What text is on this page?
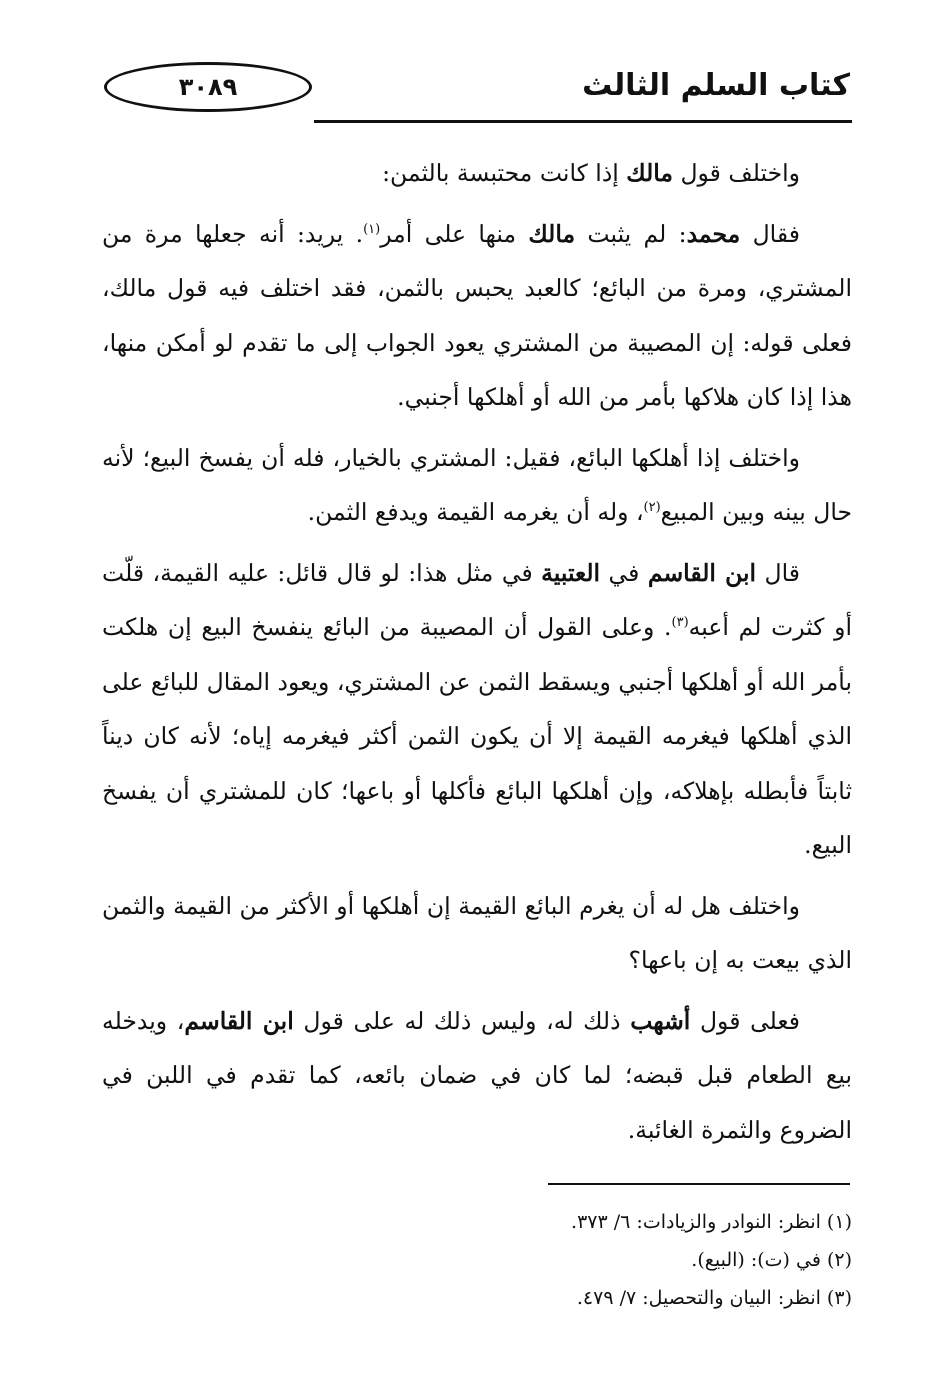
٣٠٨٩	كتاب السلم الثالث

واختلف قول مالك إذا كانت محتبسة بالثمن:

فقال محمد: لم يثبت مالك منها على أمر$^{(١)}$. يريد: أنه جعلها مرة من المشتري، ومرة من البائع؛ كالعبد يحبس بالثمن، فقد اختلف فيه قول مالك، فعلى قوله: إن المصيبة من المشتري يعود الجواب إلى ما تقدم لو أمكن منها، هذا إذا كان هلاكها بأمر من الله أو أهلكها أجنبي.

واختلف إذا أهلكها البائع، فقيل: المشتري بالخيار، فله أن يفسخ البيع؛ لأنه حال بينه وبين المبيع$^{(٢)}$، وله أن يغرمه القيمة ويدفع الثمن.

قال ابن القاسم في العتبية في مثل هذا: لو قال قائل: عليه القيمة، قلّت أو كثرت لم أعبه$^{(٣)}$. وعلى القول أن المصيبة من البائع ينفسخ البيع إن هلكت بأمر الله أو أهلكها أجنبي ويسقط الثمن عن المشتري، ويعود المقال للبائع على الذي أهلكها فيغرمه القيمة إلا أن يكون الثمن أكثر فيغرمه إياه؛ لأنه كان ديناً ثابتاً فأبطله بإهلاكه، وإن أهلكها البائع فأكلها أو باعها؛ كان للمشتري أن يفسخ البيع.

واختلف هل له أن يغرم البائع القيمة إن أهلكها أو الأكثر من القيمة والثمن الذي بيعت به إن باعها؟

فعلى قول أشهب ذلك له، وليس ذلك له على قول ابن القاسم، ويدخله بيع الطعام قبل قبضه؛ لما كان في ضمان بائعه، كما تقدم في اللبن في الضروع والثمرة الغائبة.

(١) انظر: النوادر والزيادات: ٦/ ٣٧٣.

(٢) في (ت): (البيع).

(٣) انظر: البيان والتحصيل: ٧/ ٤٧٩.
